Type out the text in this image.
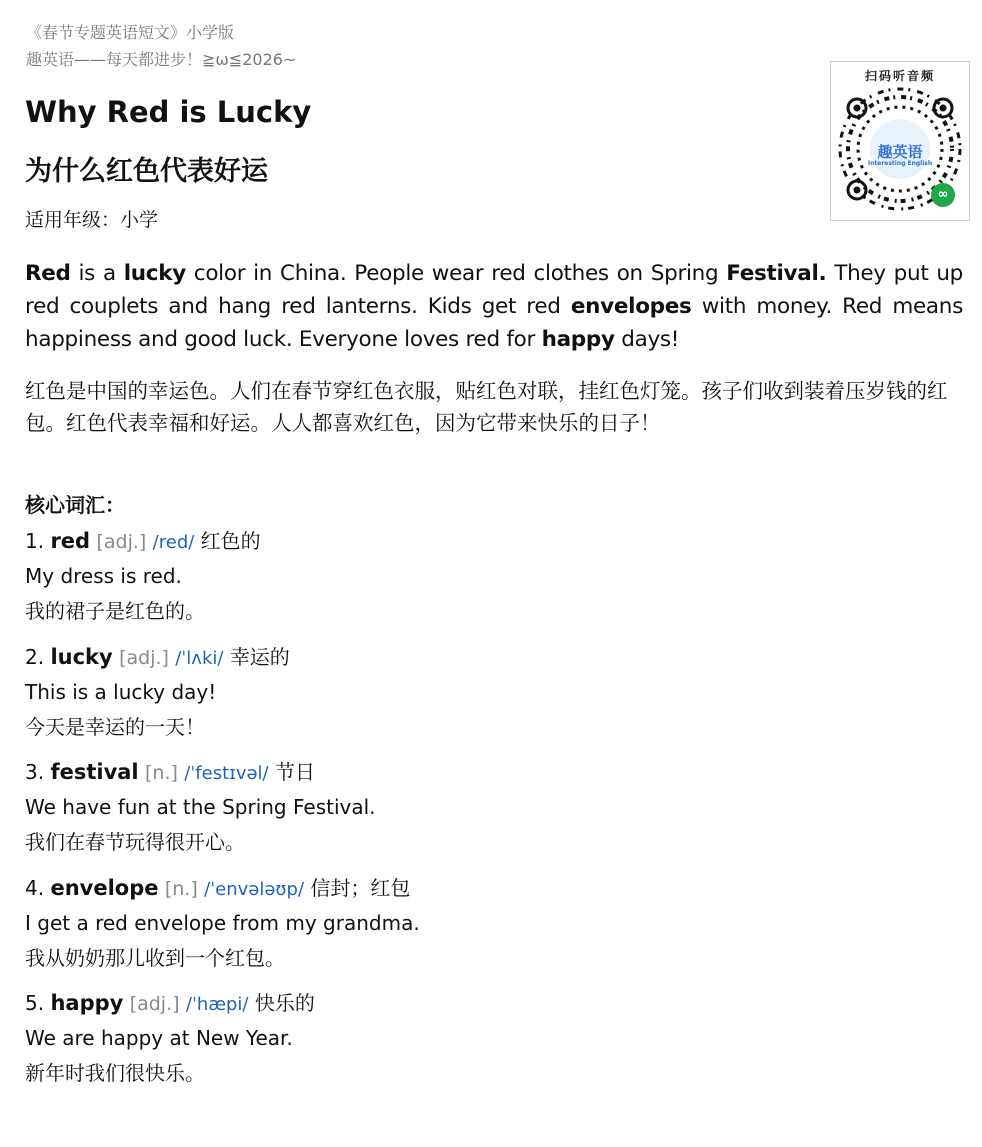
《春节专题英语短文》小学版
趣英语——每天都进步！≧ω≦2026~
扫码听音频
趣英语
Interesting English
∞
Why Red is Lucky
为什么红色代表好运
适用年级：小学
Red is a lucky color in China. People wear red clothes on Spring Festival. They put up red couplets and hang red lanterns. Kids get red envelopes with money. Red means happiness and good luck. Everyone loves red for happy days!
红色是中国的幸运色。人们在春节穿红色衣服，贴红色对联，挂红色灯笼。孩子们收到装着压岁钱的红包。红色代表幸福和好运。人人都喜欢红色，因为它带来快乐的日子！
核心词汇：
1. red [adj.] /red/ 红色的
My dress is red.
我的裙子是红色的。
2. lucky [adj.] /ˈlʌki/ 幸运的
This is a lucky day!
今天是幸运的一天！
3. festival [n.] /ˈfestɪvəl/ 节日
We have fun at the Spring Festival.
我们在春节玩得很开心。
4. envelope [n.] /ˈenvələʊp/ 信封；红包
I get a red envelope from my grandma.
我从奶奶那儿收到一个红包。
5. happy [adj.] /ˈhæpi/ 快乐的
We are happy at New Year.
新年时我们很快乐。
